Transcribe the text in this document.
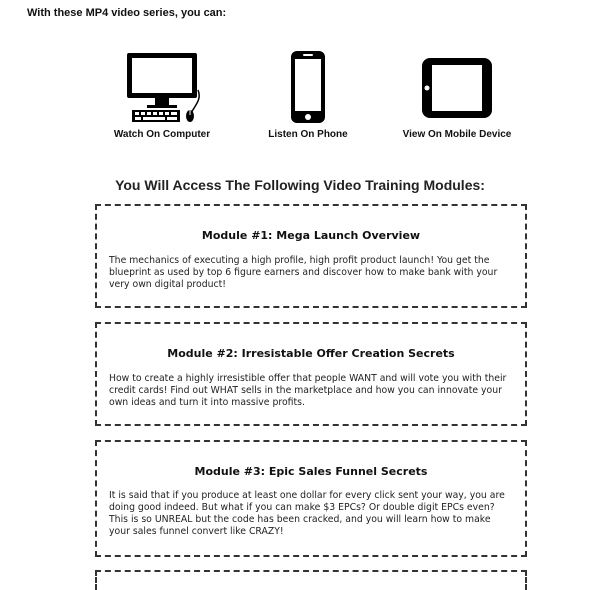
With these MP4 video series, you can:
Watch On Computer	Listen On Phone	View On Mobile Device
You Will Access The Following Video Training Modules:
Module #1: Mega Launch Overview

The mechanics of executing a high profile, high profit product launch! You get the blueprint as used by top 6 figure earners and discover how to make bank with your very own digital product!

Module #2: Irresistable Offer Creation Secrets

How to create a highly irresistible offer that people WANT and will vote you with their credit cards! Find out WHAT sells in the marketplace and how you can innovate your own ideas and turn it into massive profits.

Module #3: Epic Sales Funnel Secrets

It is said that if you produce at least one dollar for every click sent your way, you are doing good indeed. But what if you can make $3 EPCs? Or double digit EPCs even? This is so UNREAL but the code has been cracked, and you will learn how to make your sales funnel convert like CRAZY!
